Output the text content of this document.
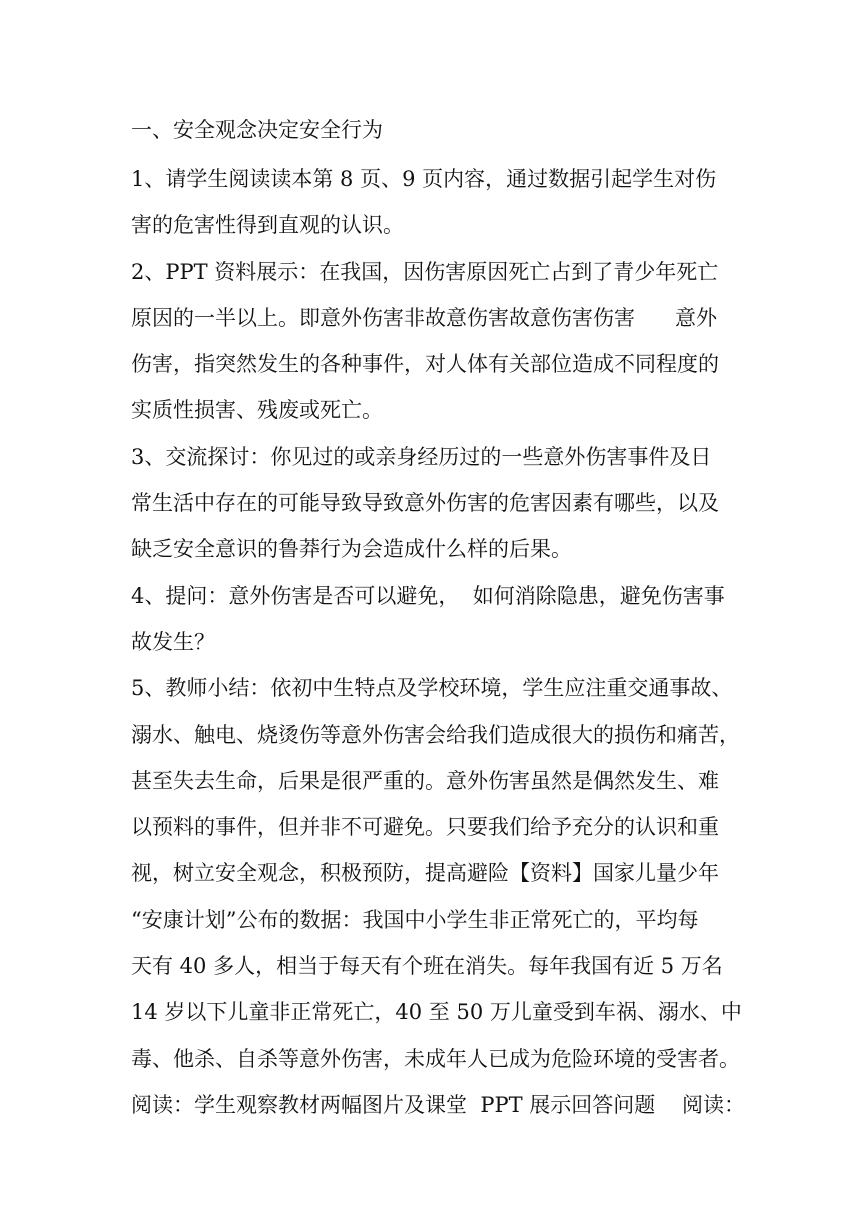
一、安全观念决定安全行为

1、请学生阅读读本第 8 页、9 页内容，通过数据引起学生对伤

害的危害性得到直观的认识。

2、PPT 资料展示：在我国，因伤害原因死亡占到了青少年死亡

原因的一半以上。即意外伤害非故意伤害故意伤害伤害      意外

伤害，指突然发生的各种事件，对人体有关部位造成不同程度的

实质性损害、残废或死亡。

3、交流探讨：你见过的或亲身经历过的一些意外伤害事件及日

常生活中存在的可能导致导致意外伤害的危害因素有哪些，以及

缺乏安全意识的鲁莽行为会造成什么样的后果。

4、提问：意外伤害是否可以避免，  如何消除隐患，避免伤害事

故发生？

5、教师小结：依初中生特点及学校环境，学生应注重交通事故、

溺水、触电、烧烫伤等意外伤害会给我们造成很大的损伤和痛苦，

甚至失去生命，后果是很严重的。意外伤害虽然是偶然发生、难

以预料的事件，但并非不可避免。只要我们给予充分的认识和重

视，树立安全观念，积极预防，提高避险【资料】国家儿量少年

“安康计划”公布的数据：我国中小学生非正常死亡的，平均每

天有 40 多人，相当于每天有个班在消失。每年我国有近 5 万名

14 岁以下儿童非正常死亡，40 至 50 万儿童受到车祸、溺水、中

毒、他杀、自杀等意外伤害，未成年人已成为危险环境的受害者。

阅读：学生观察教材两幅图片及课堂  PPT 展示回答问题    阅读：
